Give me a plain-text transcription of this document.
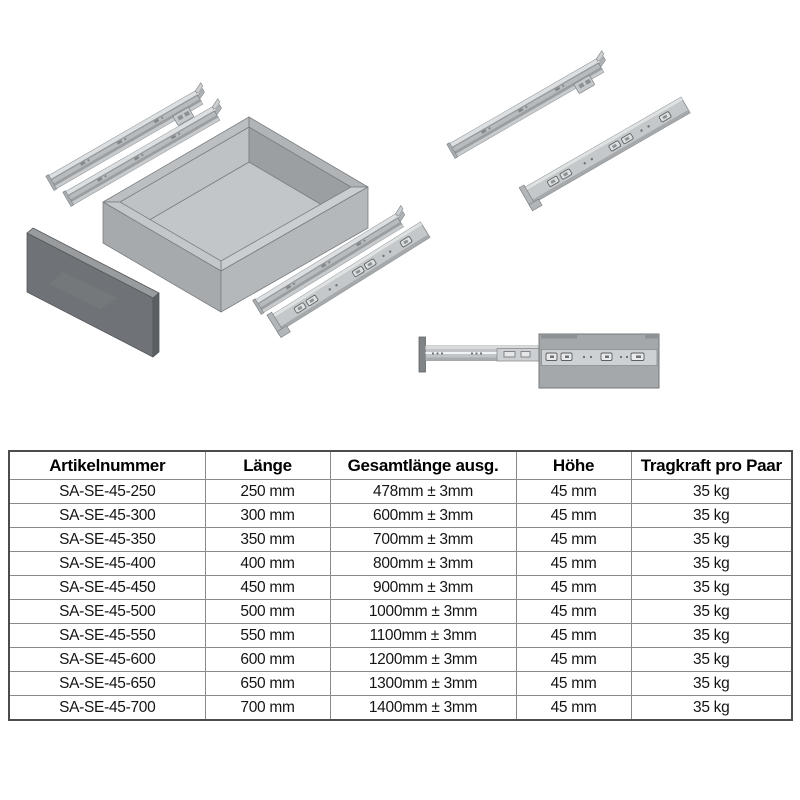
Artikelnummer	Länge	Gesamtlänge ausg.	Höhe	Tragkraft pro Paar
SA-SE-45-250	250 mm	478mm ± 3mm	45 mm	35 kg
SA-SE-45-300	300 mm	600mm ± 3mm	45 mm	35 kg
SA-SE-45-350	350 mm	700mm ± 3mm	45 mm	35 kg
SA-SE-45-400	400 mm	800mm ± 3mm	45 mm	35 kg
SA-SE-45-450	450 mm	900mm ± 3mm	45 mm	35 kg
SA-SE-45-500	500 mm	1000mm ± 3mm	45 mm	35 kg
SA-SE-45-550	550 mm	1100mm ± 3mm	45 mm	35 kg
SA-SE-45-600	600 mm	1200mm ± 3mm	45 mm	35 kg
SA-SE-45-650	650 mm	1300mm ± 3mm	45 mm	35 kg
SA-SE-45-700	700 mm	1400mm ± 3mm	45 mm	35 kg
